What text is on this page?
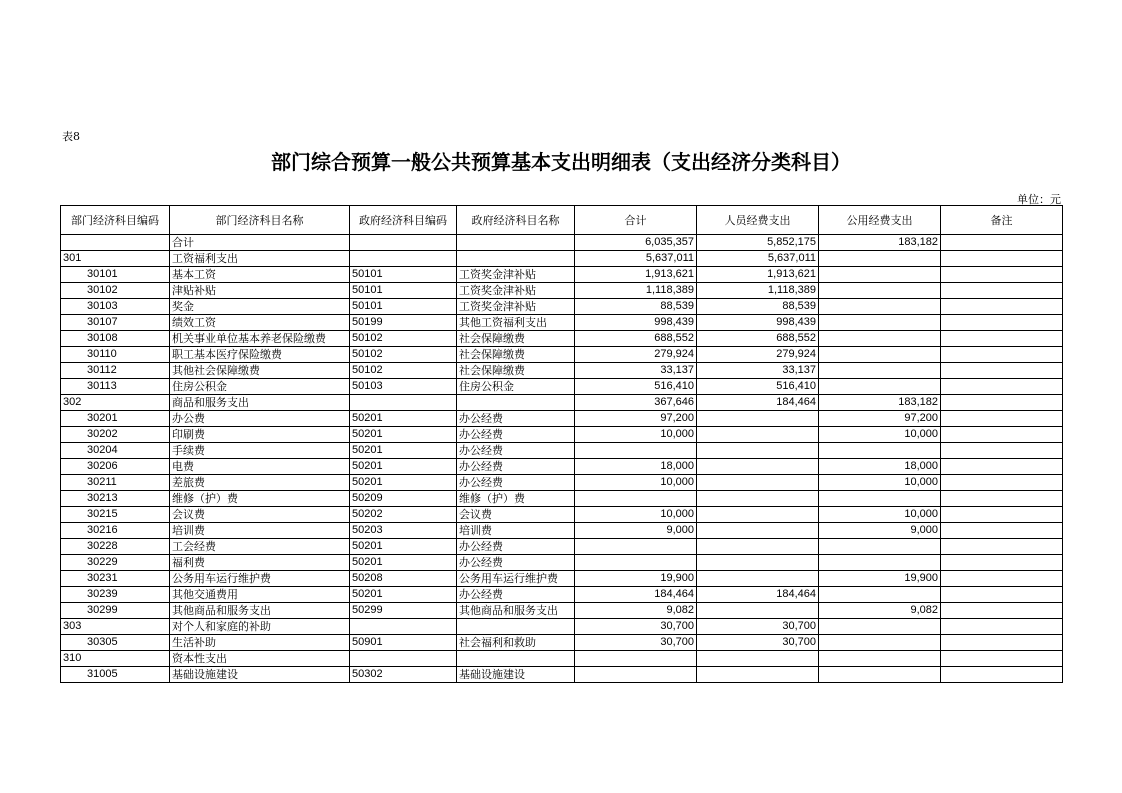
表8
部门综合预算一般公共预算基本支出明细表（支出经济分类科目）
单位：元
部门经济科目编码	部门经济科目名称	政府经济科目编码	政府经济科目名称	合计	人员经费支出	公用经费支出	备注
	合计			6,035,357	5,852,175	183,182	
301	工资福利支出			5,637,011	5,637,011		
30101	基本工资	50101	工资奖金津补贴	1,913,621	1,913,621		
30102	津贴补贴	50101	工资奖金津补贴	1,118,389	1,118,389		
30103	奖金	50101	工资奖金津补贴	88,539	88,539		
30107	绩效工资	50199	其他工资福利支出	998,439	998,439		
30108	机关事业单位基本养老保险缴费	50102	社会保障缴费	688,552	688,552		
30110	职工基本医疗保险缴费	50102	社会保障缴费	279,924	279,924		
30112	其他社会保障缴费	50102	社会保障缴费	33,137	33,137		
30113	住房公积金	50103	住房公积金	516,410	516,410		
302	商品和服务支出			367,646	184,464	183,182	
30201	办公费	50201	办公经费	97,200		97,200	
30202	印刷费	50201	办公经费	10,000		10,000	
30204	手续费	50201	办公经费				
30206	电费	50201	办公经费	18,000		18,000	
30211	差旅费	50201	办公经费	10,000		10,000	
30213	维修（护）费	50209	维修（护）费				
30215	会议费	50202	会议费	10,000		10,000	
30216	培训费	50203	培训费	9,000		9,000	
30228	工会经费	50201	办公经费				
30229	福利费	50201	办公经费				
30231	公务用车运行维护费	50208	公务用车运行维护费	19,900		19,900	
30239	其他交通费用	50201	办公经费	184,464	184,464		
30299	其他商品和服务支出	50299	其他商品和服务支出	9,082		9,082	
303	对个人和家庭的补助			30,700	30,700		
30305	生活补助	50901	社会福利和救助	30,700	30,700		
310	资本性支出						
31005	基础设施建设	50302	基础设施建设				
